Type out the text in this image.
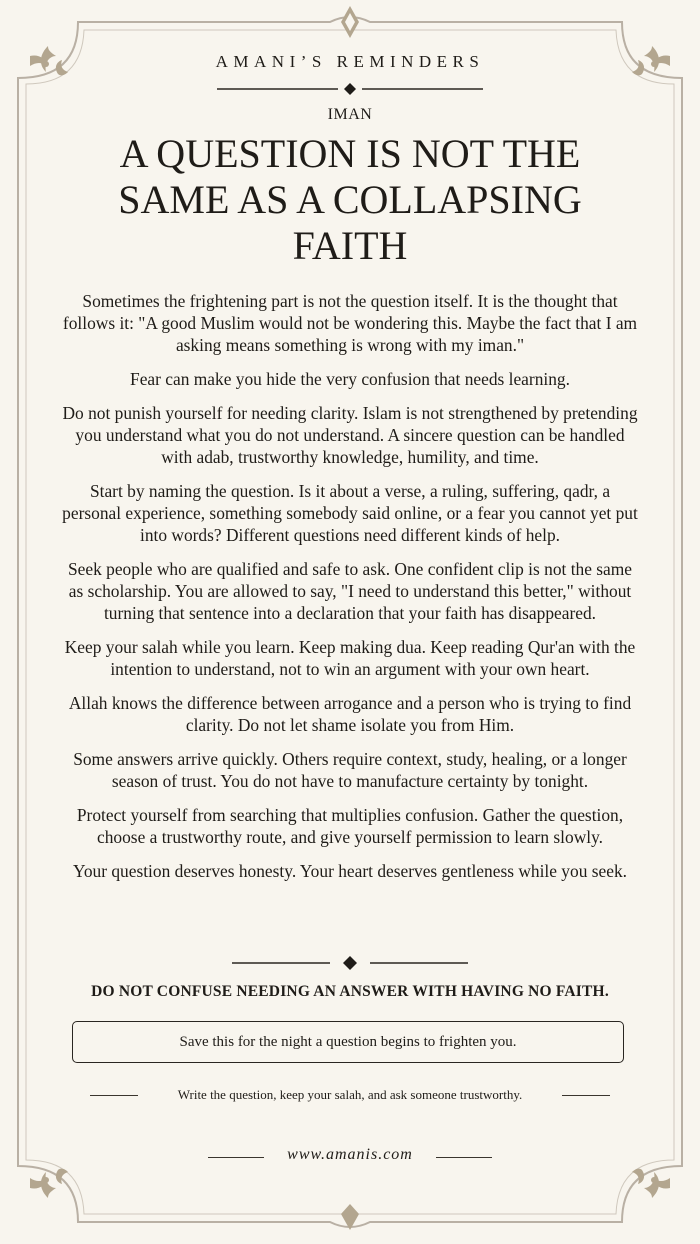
AMANI’S REMINDERS
IMAN
A QUESTION IS NOT THE SAME AS A COLLAPSING FAITH

Sometimes the frightening part is not the question itself. It is the thought that follows it: "A good Muslim would not be wondering this. Maybe the fact that I am asking means something is wrong with my iman."

Fear can make you hide the very confusion that needs learning.

Do not punish yourself for needing clarity. Islam is not strengthened by pretending you understand what you do not understand. A sincere question can be handled with adab, trustworthy knowledge, humility, and time.

Start by naming the question. Is it about a verse, a ruling, suffering, qadr, a personal experience, something somebody said online, or a fear you cannot yet put into words? Different questions need different kinds of help.

Seek people who are qualified and safe to ask. One confident clip is not the same as scholarship. You are allowed to say, "I need to understand this better," without turning that sentence into a declaration that your faith has disappeared.

Keep your salah while you learn. Keep making dua. Keep reading Qur'an with the intention to understand, not to win an argument with your own heart.

Allah knows the difference between arrogance and a person who is trying to find clarity. Do not let shame isolate you from Him.

Some answers arrive quickly. Others require context, study, healing, or a longer season of trust. You do not have to manufacture certainty by tonight.

Protect yourself from searching that multiplies confusion. Gather the question, choose a trustworthy route, and give yourself permission to learn slowly.

Your question deserves honesty. Your heart deserves gentleness while you seek.

DO NOT CONFUSE NEEDING AN ANSWER WITH HAVING NO FAITH.
Save this for the night a question begins to frighten you.
Write the question, keep your salah, and ask someone trustworthy.
www.amanis.com
